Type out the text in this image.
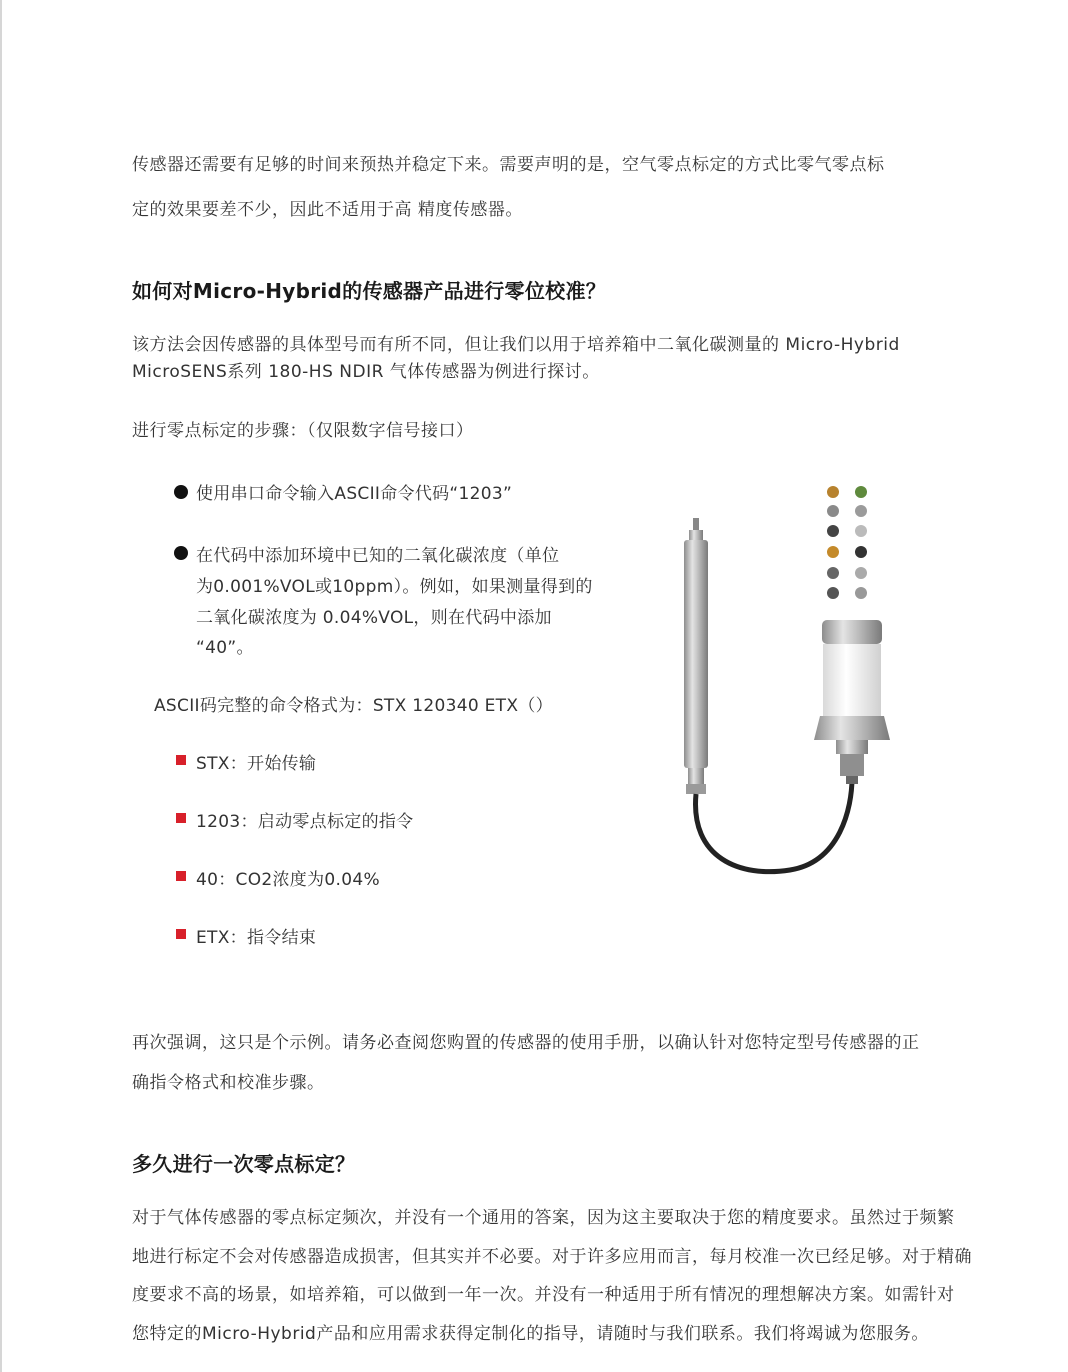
传感器还需要有足够的时间来预热并稳定下来。需要声明的是，空气零点标定的方式比零气零点标

定的效果要差不少，因此不适用于高 精度传感器。

如何对Micro-Hybrid的传感器产品进行零位校准？

该方法会因传感器的具体型号而有所不同，但让我们以用于培养箱中二氧化碳测量的 Micro-Hybrid

MicroSENS系列 180-HS NDIR 气体传感器为例进行探讨。

进行零点标定的步骤：（仅限数字信号接口）

使用串口命令输入ASCII命令代码“1203”
在代码中添加环境中已知的二氧化碳浓度（单位
为0.001%VOL或10ppm）。例如，如果测量得到的
二氧化碳浓度为 0.04%VOL，则在代码中添加
“40”。
ASCII码完整的命令格式为：STX 120340 ETX（）
STX：开始传输
1203：启动零点标定的指令
40：CO2浓度为0.04%
ETX：指令结束

再次强调，这只是个示例。请务必查阅您购置的传感器的使用手册，以确认针对您特定型号传感器的正

确指令格式和校准步骤。

多久进行一次零点标定？

对于气体传感器的零点标定频次，并没有一个通用的答案，因为这主要取决于您的精度要求。虽然过于频繁

地进行标定不会对传感器造成损害，但其实并不必要。对于许多应用而言，每月校准一次已经足够。对于精确

度要求不高的场景，如培养箱，可以做到一年一次。并没有一种适用于所有情况的理想解决方案。如需针对

您特定的Micro-Hybrid产品和应用需求获得定制化的指导，请随时与我们联系。我们将竭诚为您服务。
